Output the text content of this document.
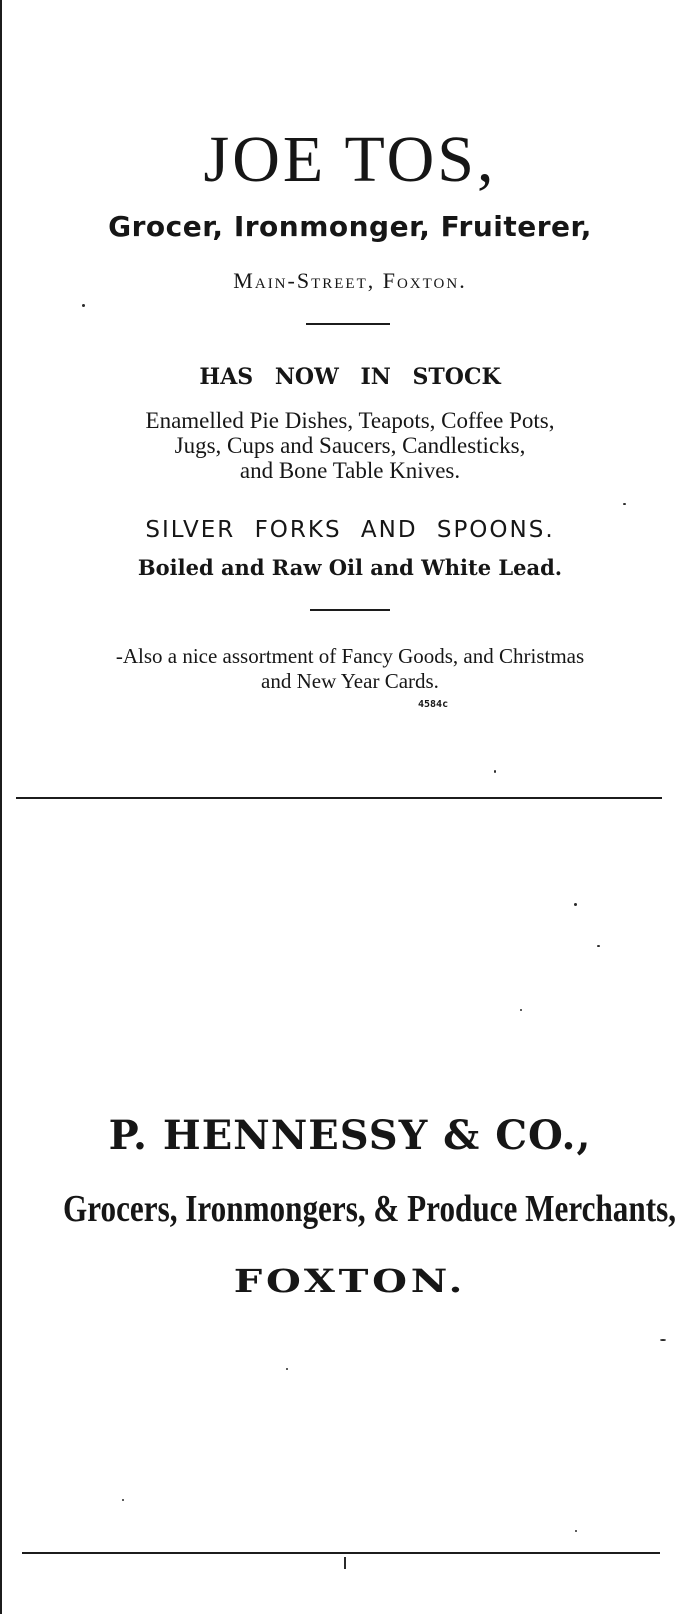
JOE TOS,
Grocer, Ironmonger, Fruiterer,
Main-Street, Foxton.
HAS NOW IN STOCK
Enamelled Pie Dishes, Teapots, Coffee Pots,
Jugs, Cups and Saucers, Candlesticks,
and Bone Table Knives.
SILVER FORKS AND SPOONS.
Boiled and Raw Oil and White Lead.
-Also a nice assortment of Fancy Goods, and Christmas
and New Year Cards.
4584c
P. HENNESSY & CO.,
Grocers, Ironmongers, & Produce Merchants,
FOXTON.
